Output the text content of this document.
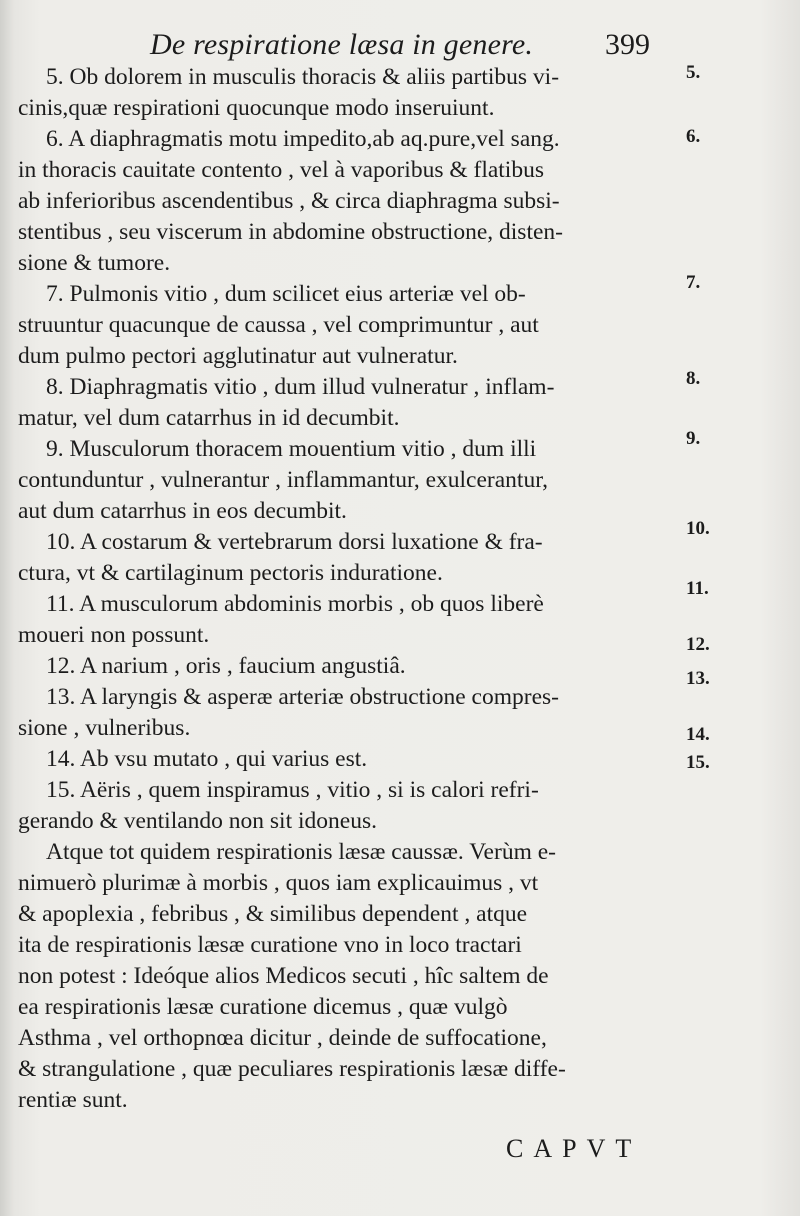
De respiratione læsa in genere. 399
5. Ob dolorem in musculis thoracis & aliis partibus vi-
cinis,quæ respirationi quocunque modo inseruiunt.
6. A diaphragmatis motu impedito,ab aq.pure,vel sang.
in thoracis cauitate contento , vel à vaporibus & flatibus
ab inferioribus ascendentibus , & circa diaphragma subsi-
stentibus , seu viscerum in abdomine obstructione, disten-
sione & tumore.
7. Pulmonis vitio , dum scilicet eius arteriæ vel ob-
struuntur quacunque de caussa , vel comprimuntur , aut
dum pulmo pectori agglutinatur aut vulneratur.
8. Diaphragmatis vitio , dum illud vulneratur , inflam-
matur, vel dum catarrhus in id decumbit.
9. Musculorum thoracem mouentium vitio , dum illi
contunduntur , vulnerantur , inflammantur, exulcerantur,
aut dum catarrhus in eos decumbit.
10. A costarum & vertebrarum dorsi luxatione & fra-
ctura, vt & cartilaginum pectoris induratione.
11. A musculorum abdominis morbis , ob quos liberè
moueri non possunt.
12. A narium , oris , faucium angustiâ.
13. A laryngis & asperæ arteriæ obstructione compres-
sione , vulneribus.
14. Ab vsu mutato , qui varius est.
15. Aëris , quem inspiramus , vitio , si is calori refri-
gerando & ventilando non sit idoneus.
Atque tot quidem respirationis læsæ caussæ. Verùm e-
nimuerò plurimæ à morbis , quos iam explicauimus , vt
& apoplexia , febribus , & similibus dependent , atque
ita de respirationis læsæ curatione vno in loco tractari
non potest : Ideóque alios Medicos secuti , hîc saltem de
ea respirationis læsæ curatione dicemus , quæ vulgò
Asthma , vel orthopnœa dicitur , deinde de suffocatione,
& strangulatione , quæ peculiares respirationis læsæ diffe-
rentiæ sunt.
5.
6.
7.
8.
9.
10.
11.
12.
13.
14.
15.
CAPVT
